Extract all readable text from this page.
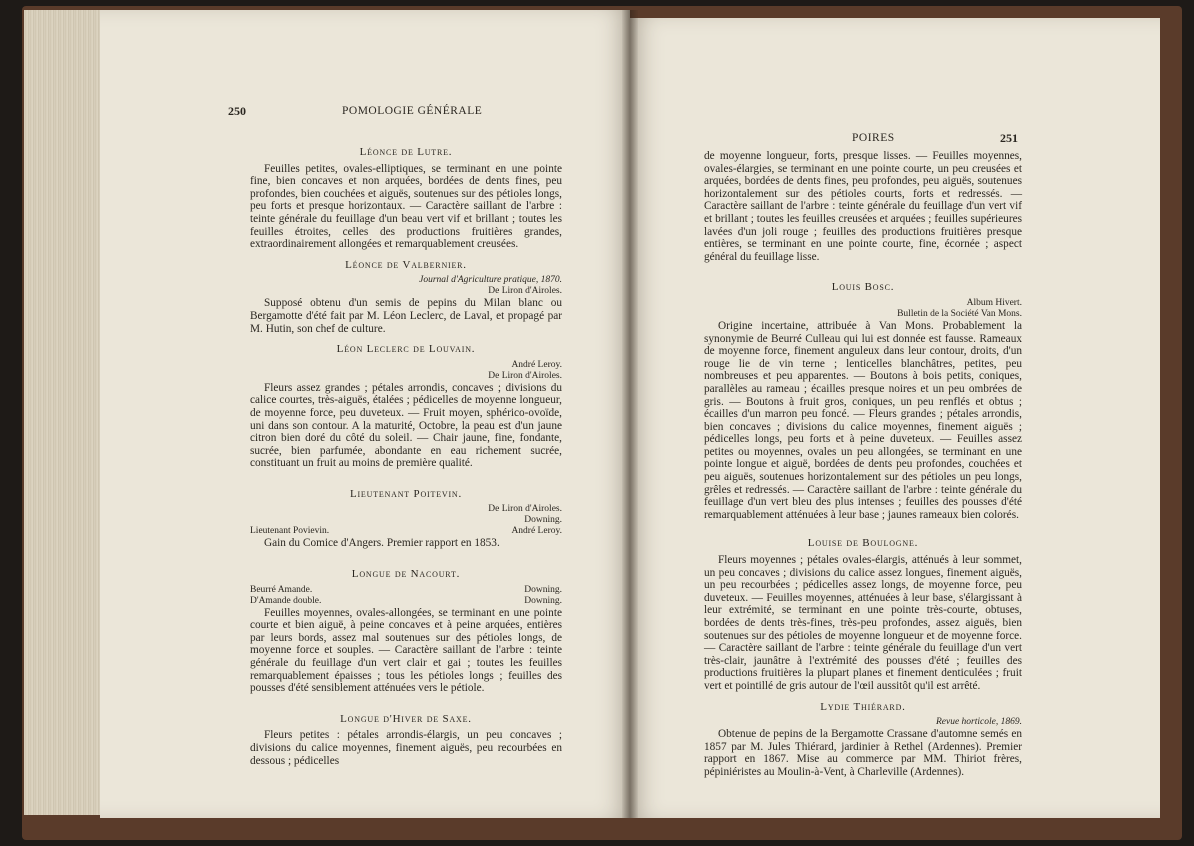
250	POMOLOGIE GÉNÉRALE
Léonce de Lutre.

Feuilles petites, ovales-elliptiques, se terminant en une pointe fine, bien concaves et non arquées, bordées de dents fines, peu profondes, bien couchées et aiguës, soutenues sur des pétioles longs, peu forts et presque horizontaux. — Caractère saillant de l'arbre : teinte générale du feuillage d'un beau vert vif et brillant ; toutes les feuilles étroites, celles des productions fruitières grandes, extraordinairement allongées et remarquablement creusées.

Léonce de Valbernier.
Journal d'Agriculture pratique, 1870.
De Liron d'Airoles.

Supposé obtenu d'un semis de pepins du Milan blanc ou Bergamotte d'été fait par M. Léon Leclerc, de Laval, et propagé par M. Hutin, son chef de culture.

Léon Leclerc de Louvain.
André Leroy.
De Liron d'Airoles.

Fleurs assez grandes ; pétales arrondis, concaves ; divisions du calice courtes, très-aiguës, étalées ; pédicelles de moyenne longueur, de moyenne force, peu duveteux. — Fruit moyen, sphérico-ovoïde, uni dans son contour. A la maturité, Octobre, la peau est d'un jaune citron bien doré du côté du soleil. — Chair jaune, fine, fondante, sucrée, bien parfumée, abondante en eau richement sucrée, constituant un fruit au moins de première qualité.

Lieutenant Poitevin.
De Liron d'Airoles.
Downing.
Lieutenant Povievin.	André Leroy.

Gain du Comice d'Angers. Premier rapport en 1853.

Longue de Nacourt.
Beurré Amande.	Downing.
D'Amande double.	Downing.

Feuilles moyennes, ovales-allongées, se terminant en une pointe courte et bien aiguë, à peine concaves et à peine arquées, entières par leurs bords, assez mal soutenues sur des pétioles longs, de moyenne force et souples. — Caractère saillant de l'arbre : teinte générale du feuillage d'un vert clair et gai ; toutes les feuilles remarquablement épaisses ; tous les pétioles longs ; feuilles des pousses d'été sensiblement atténuées vers le pétiole.

Longue d'Hiver de Saxe.

Fleurs petites : pétales arrondis-élargis, un peu concaves ; divisions du calice moyennes, finement aiguës, peu recourbées en dessous ; pédicelles

POIRES	251

de moyenne longueur, forts, presque lisses. — Feuilles moyennes, ovales-élargies, se terminant en une pointe courte, un peu creusées et arquées, bordées de dents fines, peu profondes, peu aiguës, soutenues horizontalement sur des pétioles courts, forts et redressés. — Caractère saillant de l'arbre : teinte générale du feuillage d'un vert vif et brillant ; toutes les feuilles creusées et arquées ; feuilles supérieures lavées d'un joli rouge ; feuilles des productions fruitières presque entières, se terminant en une pointe courte, fine, écornée ; aspect général du feuillage lisse.

Louis Bosc.
Album Hivert.
Bulletin de la Société Van Mons.

Origine incertaine, attribuée à Van Mons. Probablement la synonymie de Beurré Culleau qui lui est donnée est fausse. Rameaux de moyenne force, finement anguleux dans leur contour, droits, d'un rouge lie de vin terne ; lenticelles blanchâtres, petites, peu nombreuses et peu apparentes. — Boutons à bois petits, coniques, parallèles au rameau ; écailles presque noires et un peu ombrées de gris. — Boutons à fruit gros, coniques, un peu renflés et obtus ; écailles d'un marron peu foncé. — Fleurs grandes ; pétales arrondis, bien concaves ; divisions du calice moyennes, finement aiguës ; pédicelles longs, peu forts et à peine duveteux. — Feuilles assez petites ou moyennes, ovales un peu allongées, se terminant en une pointe longue et aiguë, bordées de dents peu profondes, couchées et peu aiguës, soutenues horizontalement sur des pétioles un peu longs, grêles et redressés. — Caractère saillant de l'arbre : teinte générale du feuillage d'un vert bleu des plus intenses ; feuilles des pousses d'été remarquablement atténuées à leur base ; jaunes rameaux bien colorés.

Louise de Boulogne.

Fleurs moyennes ; pétales ovales-élargis, atténués à leur sommet, un peu concaves ; divisions du calice assez longues, finement aiguës, un peu recourbées ; pédicelles assez longs, de moyenne force, peu duveteux. — Feuilles moyennes, atténuées à leur base, s'élargissant à leur extrémité, se terminant en une pointe très-courte, obtuses, bordées de dents très-fines, très-peu profondes, assez aiguës, bien soutenues sur des pétioles de moyenne longueur et de moyenne force. — Caractère saillant de l'arbre : teinte générale du feuillage d'un vert très-clair, jaunâtre à l'extrémité des pousses d'été ; feuilles des productions fruitières la plupart planes et finement denticulées ; fruit vert et pointillé de gris autour de l'œil aussitôt qu'il est arrêté.

Lydie Thiérard.
Revue horticole, 1869.

Obtenue de pepins de la Bergamotte Crassane d'automne semés en 1857 par M. Jules Thiérard, jardinier à Rethel (Ardennes). Premier rapport en 1867. Mise au commerce par MM. Thiriot frères, pépiniéristes au Moulin-à-Vent, à Charleville (Ardennes).
